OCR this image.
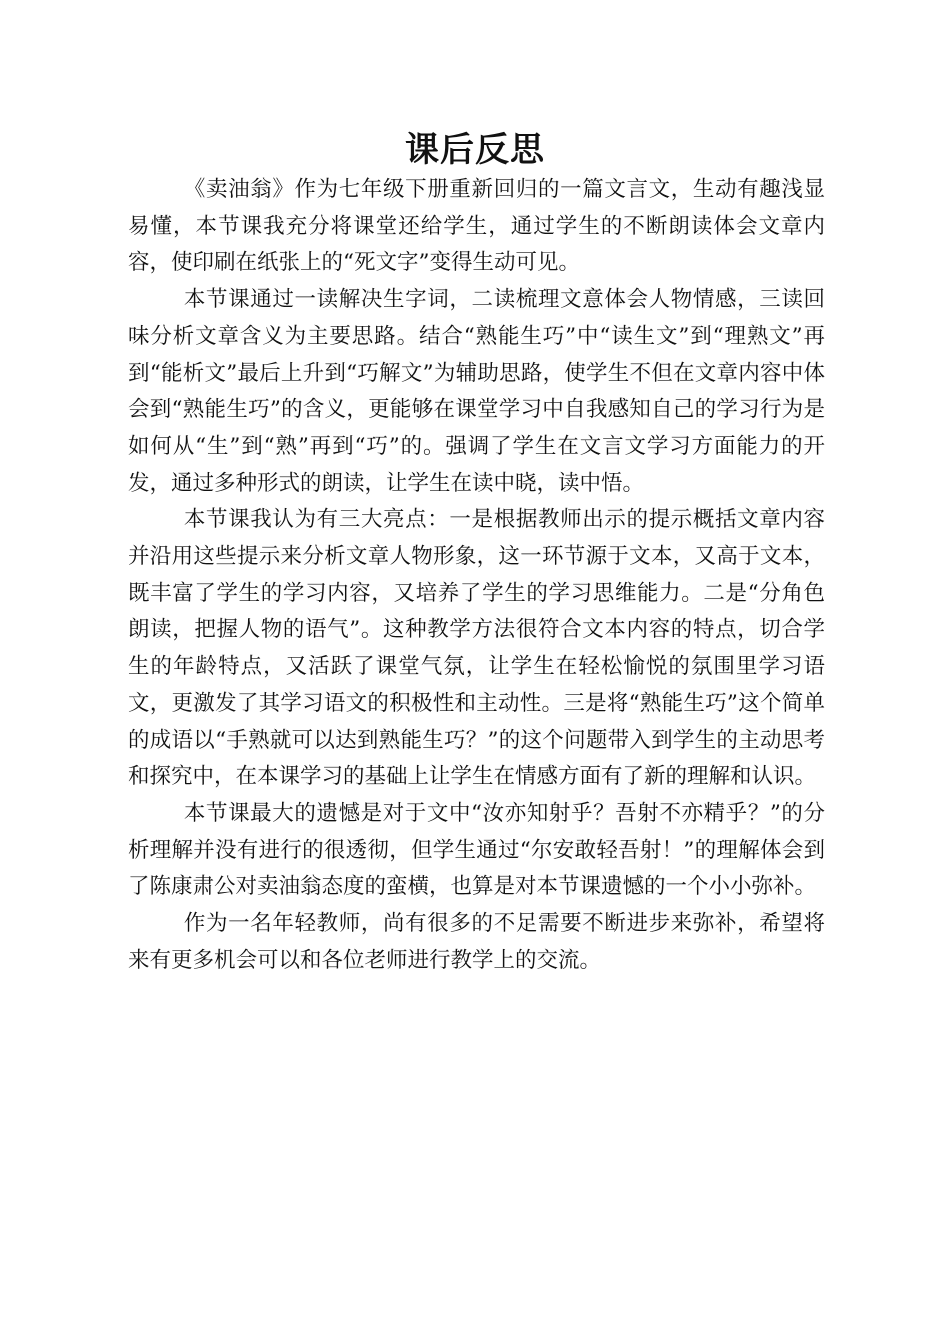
课后反思

《卖油翁》作为七年级下册重新回归的一篇文言文，生动有趣浅显易懂，本节课我充分将课堂还给学生，通过学生的不断朗读体会文章内容，使印刷在纸张上的“死文字”变得生动可见。

本节课通过一读解决生字词，二读梳理文意体会人物情感，三读回味分析文章含义为主要思路。结合“熟能生巧”中“读生文”到“理熟文”再到“能析文”最后上升到“巧解文”为辅助思路，使学生不但在文章内容中体会到“熟能生巧”的含义，更能够在课堂学习中自我感知自己的学习行为是如何从“生”到“熟”再到“巧”的。强调了学生在文言文学习方面能力的开发，通过多种形式的朗读，让学生在读中晓，读中悟。

本节课我认为有三大亮点：一是根据教师出示的提示概括文章内容并沿用这些提示来分析文章人物形象，这一环节源于文本，又高于文本，既丰富了学生的学习内容，又培养了学生的学习思维能力。二是“分角色朗读，把握人物的语气”。这种教学方法很符合文本内容的特点，切合学生的年龄特点，又活跃了课堂气氛，让学生在轻松愉悦的氛围里学习语文，更激发了其学习语文的积极性和主动性。三是将“熟能生巧”这个简单的成语以“手熟就可以达到熟能生巧？”的这个问题带入到学生的主动思考和探究中，在本课学习的基础上让学生在情感方面有了新的理解和认识。

本节课最大的遗憾是对于文中“汝亦知射乎？吾射不亦精乎？”的分析理解并没有进行的很透彻，但学生通过“尔安敢轻吾射！”的理解体会到了陈康肃公对卖油翁态度的蛮横，也算是对本节课遗憾的一个小小弥补。

作为一名年轻教师，尚有很多的不足需要不断进步来弥补，希望将来有更多机会可以和各位老师进行教学上的交流。
